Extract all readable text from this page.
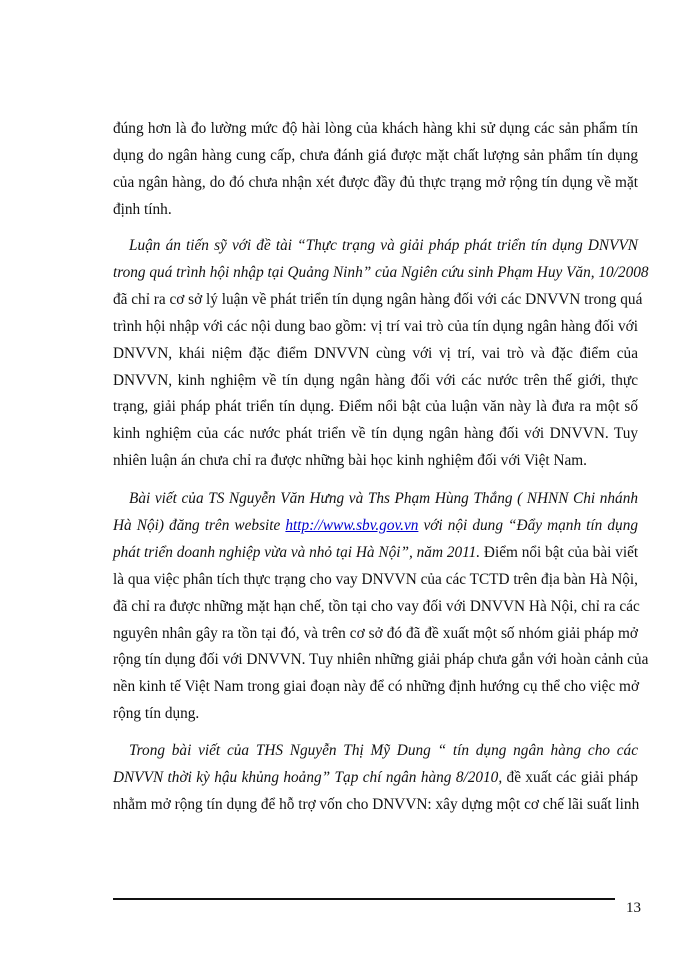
đúng hơn là đo lường mức độ hài lòng của khách hàng khi sử dụng các sản phẩm tín
dụng do ngân hàng cung cấp, chưa đánh giá được mặt chất lượng sản phẩm tín dụng
của ngân hàng, do đó chưa nhận xét được đầy đủ thực trạng mở rộng tín dụng về mặt
định tính.
Luận án tiến sỹ với đề tài “Thực trạng và giải pháp phát triển tín dụng DNVVN
trong quá trình hội nhập tại Quảng Ninh” của Ngiên cứu sinh Phạm Huy Văn, 10/2008
đã chỉ ra cơ sở lý luận về phát triển tín dụng ngân hàng đối với các DNVVN trong quá
trình hội nhập với các nội dung bao gồm: vị trí vai trò của tín dụng ngân hàng đối với
DNVVN, khái niệm đặc điểm DNVVN cùng với vị trí, vai trò và đặc điểm của
DNVVN, kinh nghiệm về tín dụng ngân hàng đối với các nước trên thế giới, thực
trạng, giải pháp phát triển tín dụng. Điểm nổi bật của luận văn này là đưa ra một số
kinh nghiệm của các nước phát triển về tín dụng ngân hàng đối với DNVVN. Tuy
nhiên luận án chưa chỉ ra được những bài học kinh nghiệm đối với Việt Nam.
Bài viết của TS Nguyễn Văn Hưng và Ths Phạm Hùng Thắng ( NHNN Chi nhánh
Hà Nội) đăng trên website http://www.sbv.gov.vn với nội dung “Đẩy mạnh tín dụng
phát triển doanh nghiệp vừa và nhỏ tại Hà Nội”, năm 2011. Điểm nổi bật của bài viết
là qua việc phân tích thực trạng cho vay DNVVN của các TCTD trên địa bàn Hà Nội,
đã chỉ ra được những mặt hạn chế, tồn tại cho vay đối với DNVVN Hà Nội, chỉ ra các
nguyên nhân gây ra tồn tại đó, và trên cơ sở đó đã đề xuất một số nhóm giải pháp mở
rộng tín dụng đối với DNVVN. Tuy nhiên những giải pháp chưa gắn với hoàn cảnh của
nền kinh tế Việt Nam trong giai đoạn này để có những định hướng cụ thể cho việc mở
rộng tín dụng.
Trong bài viết của THS Nguyễn Thị Mỹ Dung “ tín dụng ngân hàng cho các
DNVVN thời kỳ hậu khủng hoảng” Tạp chí ngân hàng 8/2010, đề xuất các giải pháp
nhằm mở rộng tín dụng để hỗ trợ vốn cho DNVVN: xây dựng một cơ chế lãi suất linh
13
